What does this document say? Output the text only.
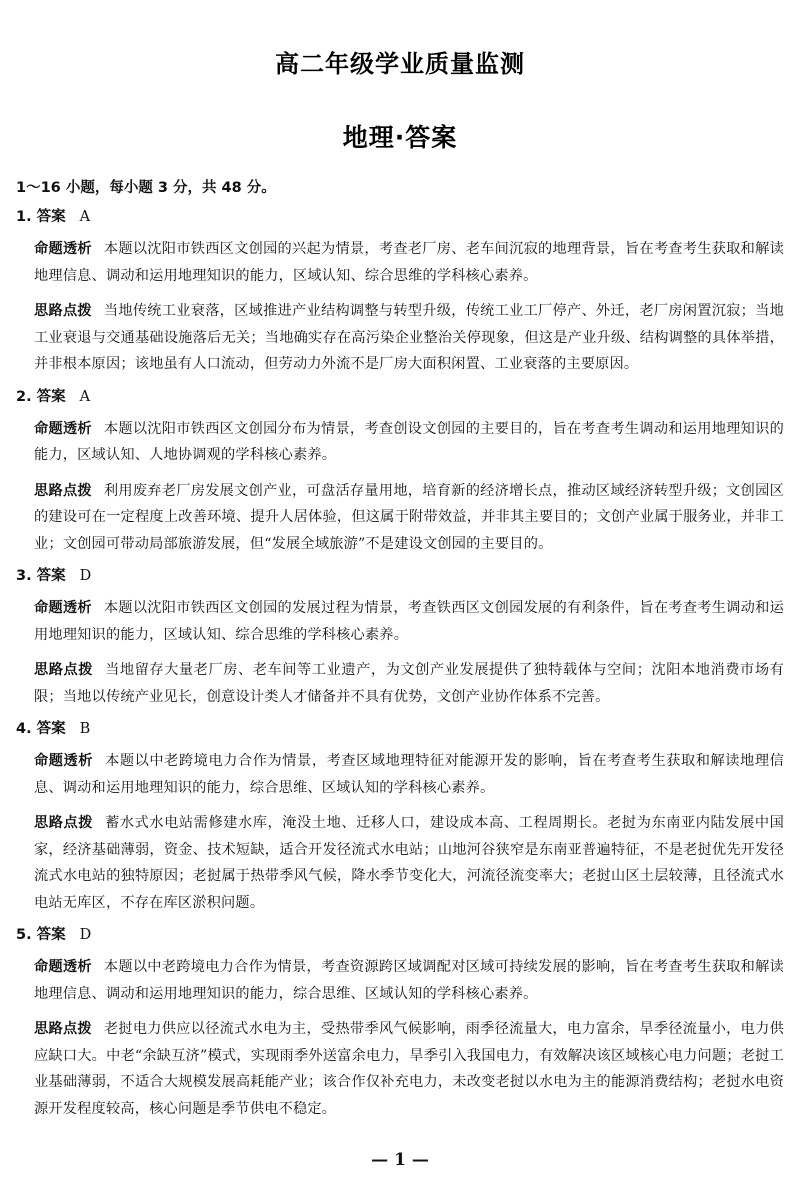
高二年级学业质量监测
地理·答案
1～16 小题，每小题 3 分，共 48 分。
1. 答案 A
命题透析 本题以沈阳市铁西区文创园的兴起为情景，考查老厂房、老车间沉寂的地理背景，旨在考查考生获取和解读地理信息、调动和运用地理知识的能力，区域认知、综合思维的学科核心素养。
思路点拨 当地传统工业衰落，区域推进产业结构调整与转型升级，传统工业工厂停产、外迁，老厂房闲置沉寂；当地工业衰退与交通基础设施落后无关；当地确实存在高污染企业整治关停现象，但这是产业升级、结构调整的具体举措，并非根本原因；该地虽有人口流动，但劳动力外流不是厂房大面积闲置、工业衰落的主要原因。
2. 答案 A
命题透析 本题以沈阳市铁西区文创园分布为情景，考查创设文创园的主要目的，旨在考查考生调动和运用地理知识的能力，区域认知、人地协调观的学科核心素养。
思路点拨 利用废弃老厂房发展文创产业，可盘活存量用地，培育新的经济增长点，推动区域经济转型升级；文创园区的建设可在一定程度上改善环境、提升人居体验，但这属于附带效益，并非其主要目的；文创产业属于服务业，并非工业；文创园可带动局部旅游发展，但“发展全域旅游”不是建设文创园的主要目的。
3. 答案 D
命题透析 本题以沈阳市铁西区文创园的发展过程为情景，考查铁西区文创园发展的有利条件，旨在考查考生调动和运用地理知识的能力，区域认知、综合思维的学科核心素养。
思路点拨 当地留存大量老厂房、老车间等工业遗产，为文创产业发展提供了独特载体与空间；沈阳本地消费市场有限；当地以传统产业见长，创意设计类人才储备并不具有优势，文创产业协作体系不完善。
4. 答案 B
命题透析 本题以中老跨境电力合作为情景，考查区域地理特征对能源开发的影响，旨在考查考生获取和解读地理信息、调动和运用地理知识的能力，综合思维、区域认知的学科核心素养。
思路点拨 蓄水式水电站需修建水库，淹没土地、迁移人口，建设成本高、工程周期长。老挝为东南亚内陆发展中国家，经济基础薄弱，资金、技术短缺，适合开发径流式水电站；山地河谷狭窄是东南亚普遍特征，不是老挝优先开发径流式水电站的独特原因；老挝属于热带季风气候，降水季节变化大，河流径流变率大；老挝山区土层较薄，且径流式水电站无库区，不存在库区淤积问题。
5. 答案 D
命题透析 本题以中老跨境电力合作为情景，考查资源跨区域调配对区域可持续发展的影响，旨在考查考生获取和解读地理信息、调动和运用地理知识的能力，综合思维、区域认知的学科核心素养。
思路点拨 老挝电力供应以径流式水电为主，受热带季风气候影响，雨季径流量大，电力富余，旱季径流量小，电力供应缺口大。中老“余缺互济”模式，实现雨季外送富余电力，旱季引入我国电力，有效解决该区域核心电力问题；老挝工业基础薄弱，不适合大规模发展高耗能产业；该合作仅补充电力，未改变老挝以水电为主的能源消费结构；老挝水电资源开发程度较高，核心问题是季节供电不稳定。
— 1 —
